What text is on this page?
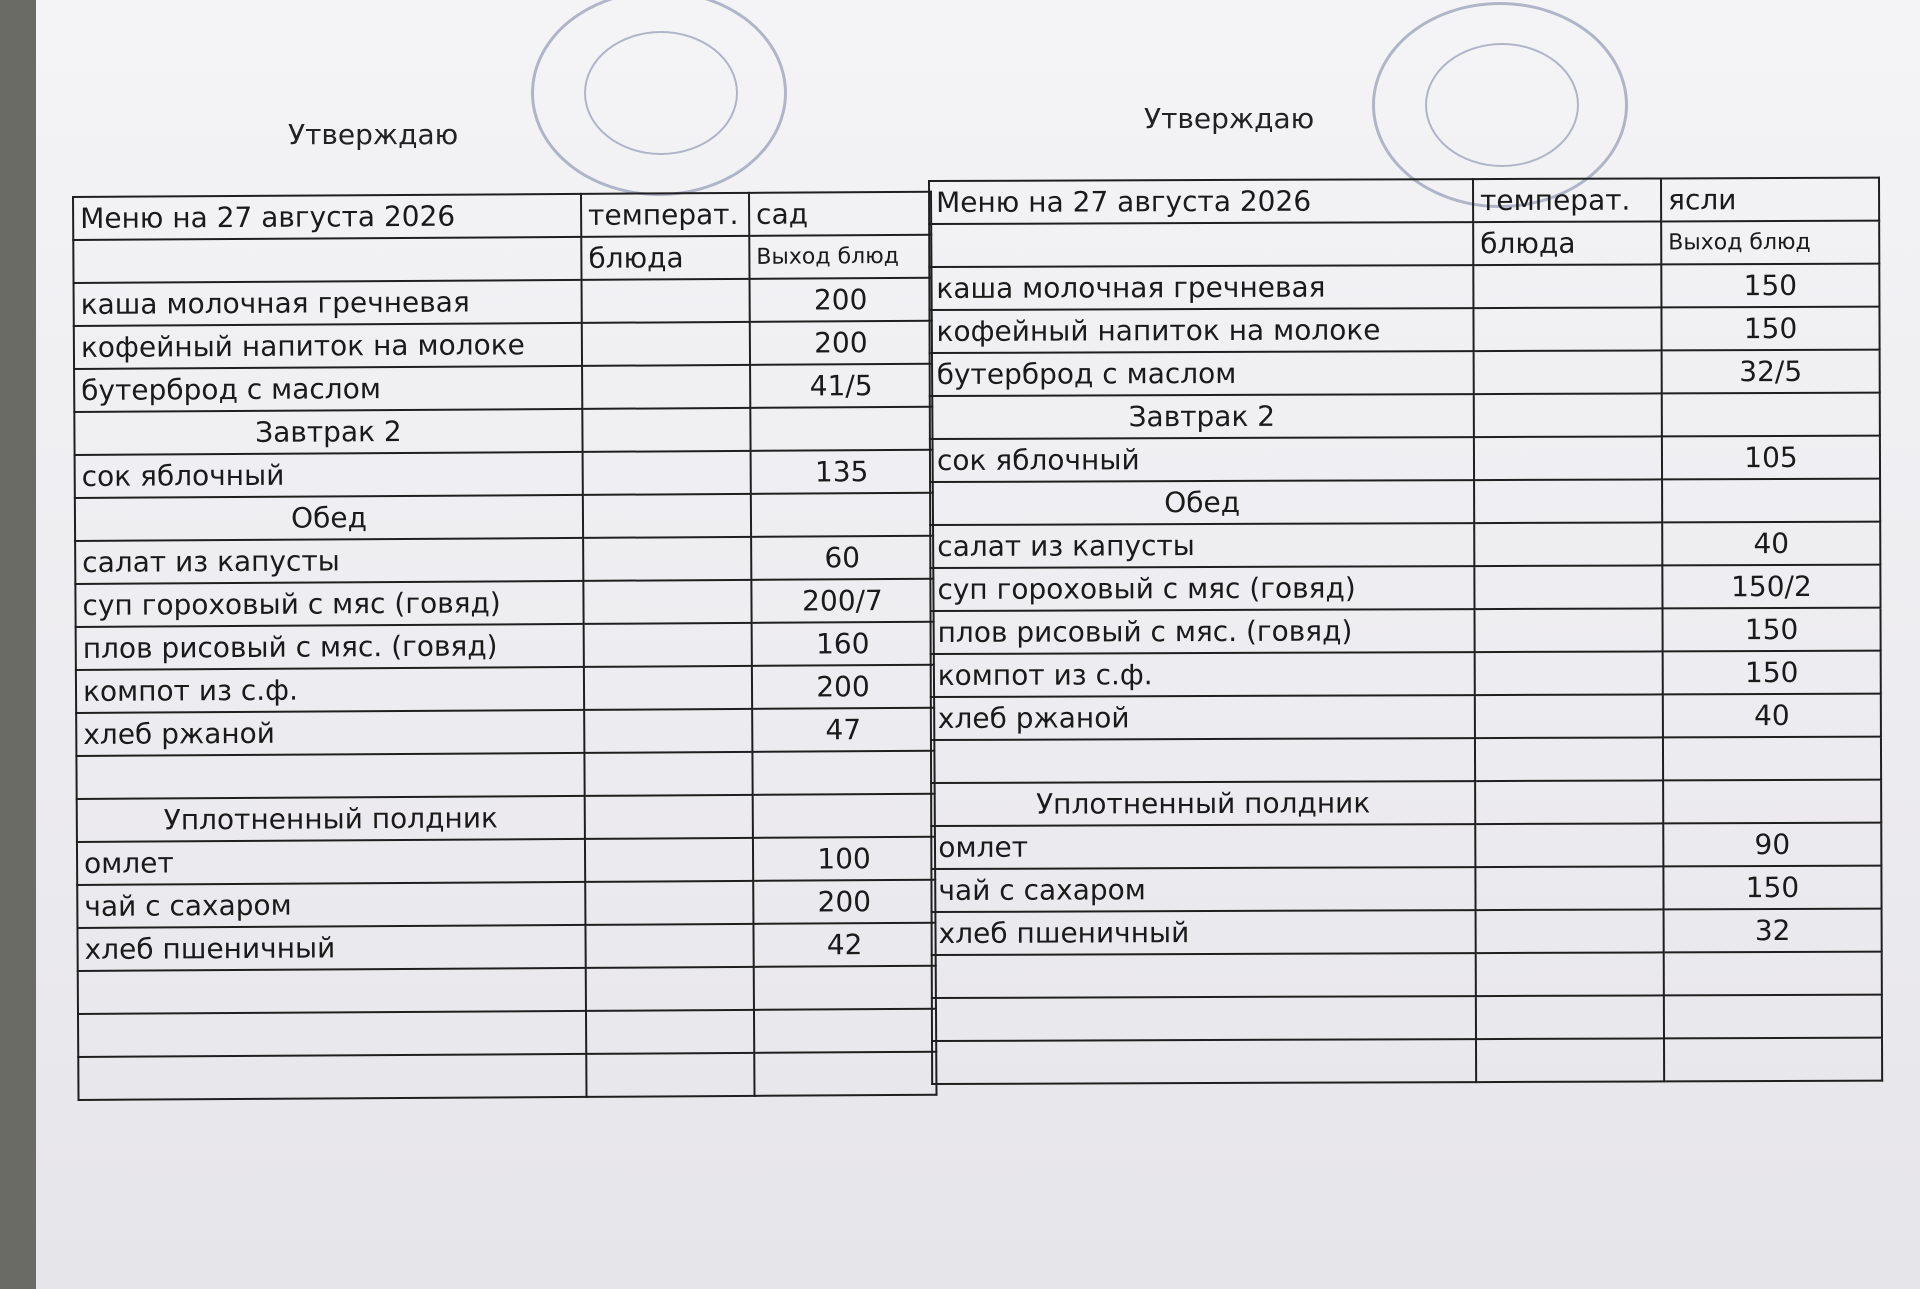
Утверждаю	Утверждаю
Меню на 27 августа 2026	температ.	сад
	блюда	Выход блюд
каша молочная гречневая		200
кофейный напиток на молоке		200
бутерброд с маслом		41/5
Завтрак 2		
сок яблочный		135
Обед		
салат из капусты		60
суп гороховый с мяс (говяд)		200/7
плов рисовый с мяс. (говяд)		160
компот из с.ф.		200
хлеб ржаной		47

Уплотненный полдник		
омлет		100
чай с сахаром		200
хлеб пшеничный		42

Меню на 27 августа 2026	температ.	ясли
	блюда	Выход блюд
каша молочная гречневая		150
кофейный напиток на молоке		150
бутерброд с маслом		32/5
Завтрак 2		
сок яблочный		105
Обед		
салат из капусты		40
суп гороховый с мяс (говяд)		150/2
плов рисовый с мяс. (говяд)		150
компот из с.ф.		150
хлеб ржаной		40

Уплотненный полдник		
омлет		90
чай с сахаром		150
хлеб пшеничный		32
